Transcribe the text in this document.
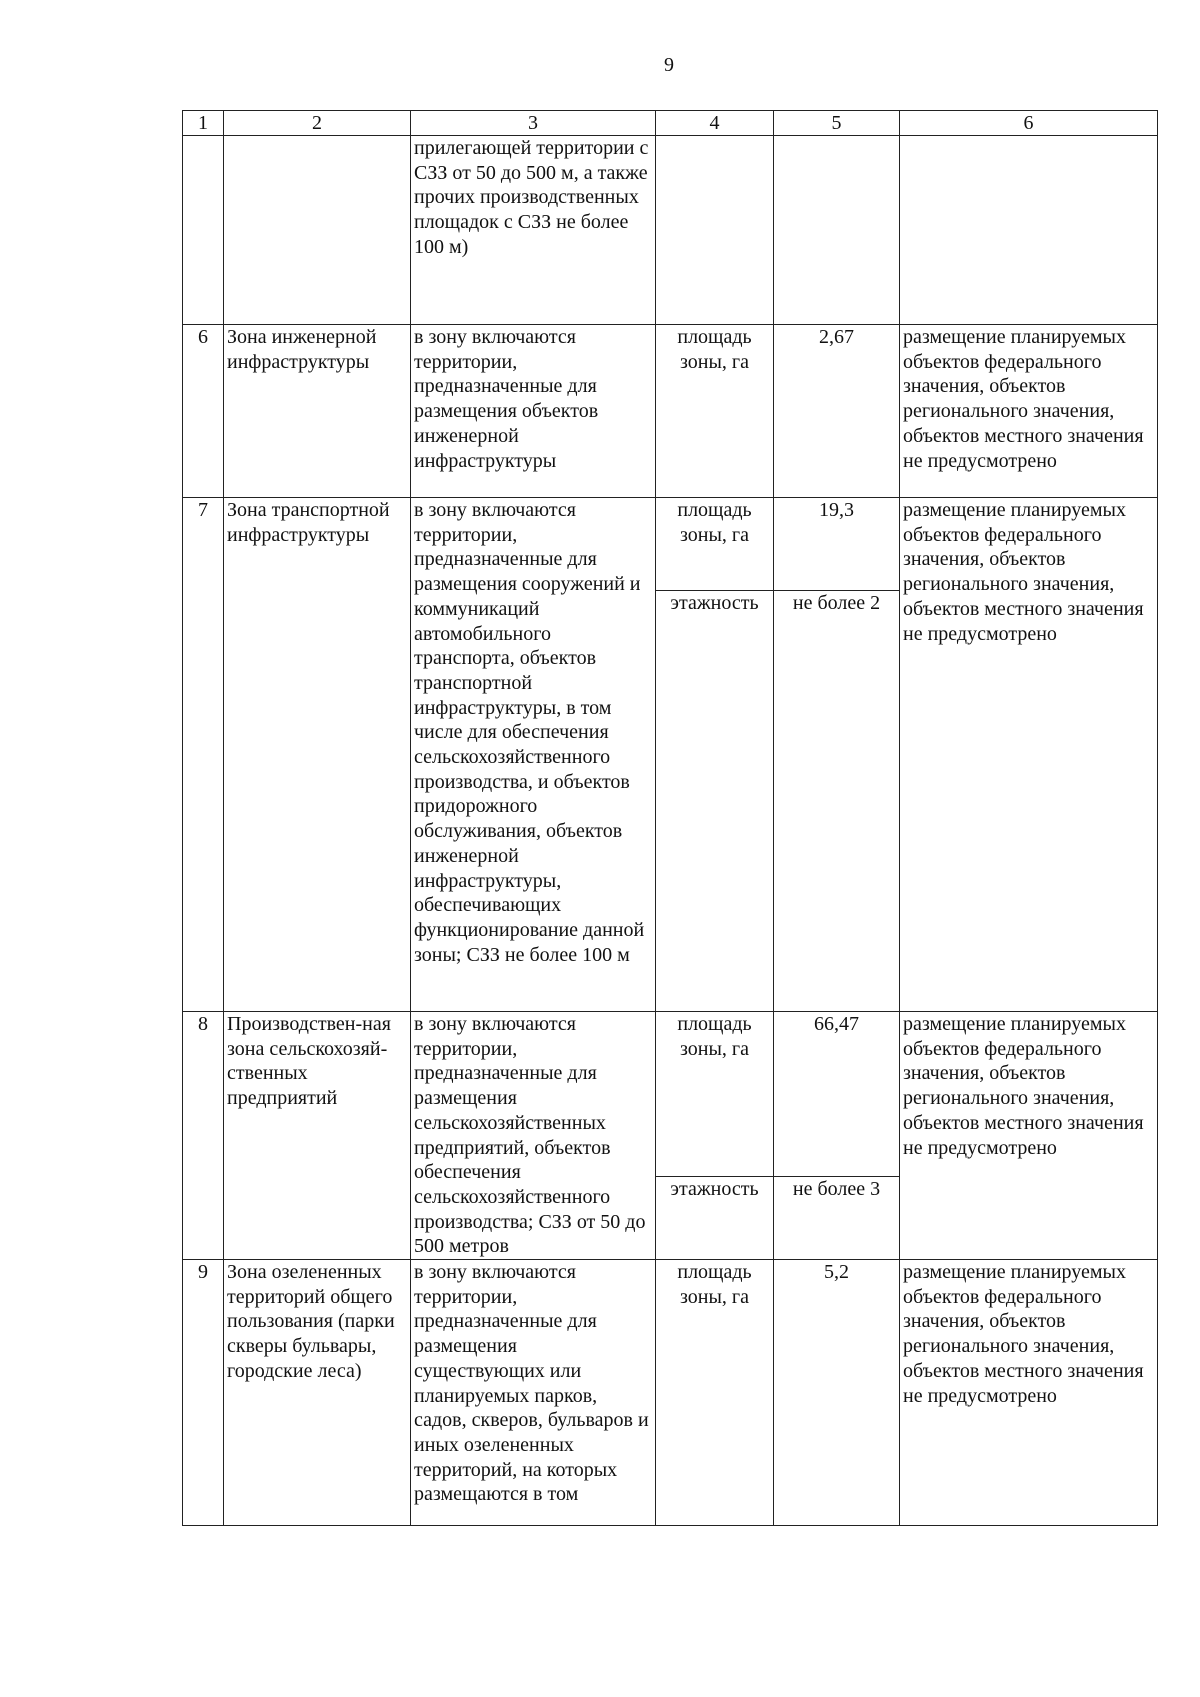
9
1	2	3	4	5	6
		прилегающей территории с СЗЗ от 50 до 500 м, а также прочих производственных площадок с СЗЗ не более 100 м)			
6	Зона инженерной инфраструктуры	в зону включаются территории, предназначенные для размещения объектов инженерной инфраструктуры	площадь зоны, га	2,67	размещение планируемых объектов федерального значения, объектов регионального значения, объектов местного значения не предусмотрено
7	Зона транспортной инфраструктуры	в зону включаются территории, предназначенные для размещения сооружений и коммуникаций автомобильного транспорта, объектов транспортной инфраструктуры, в том числе для обеспечения сельскохозяйственного производства, и объектов придорожного обслуживания, объектов инженерной инфраструктуры, обеспечивающих функционирование данной зоны; СЗЗ не более 100 м	площадь зоны, га	19,3	размещение планируемых объектов федерального значения, объектов регионального значения, объектов местного значения не предусмотрено
			этажность	не более 2	
8	Производствен-ная зона сельскохозяй-ственных предприятий	в зону включаются территории, предназначенные для размещения сельскохозяйственных предприятий, объектов обеспечения сельскохозяйственного производства; СЗЗ от 50 до 500 метров	площадь зоны, га	66,47	размещение планируемых объектов федерального значения, объектов регионального значения, объектов местного значения не предусмотрено
			этажность	не более 3	
9	Зона озелененных территорий общего пользования (парки скверы бульвары, городские леса)	в зону включаются территории, предназначенные для размещения существующих или планируемых парков, садов, скверов, бульваров и иных озелененных территорий, на которых размещаются в том	площадь зоны, га	5,2	размещение планируемых объектов федерального значения, объектов регионального значения, объектов местного значения не предусмотрено
